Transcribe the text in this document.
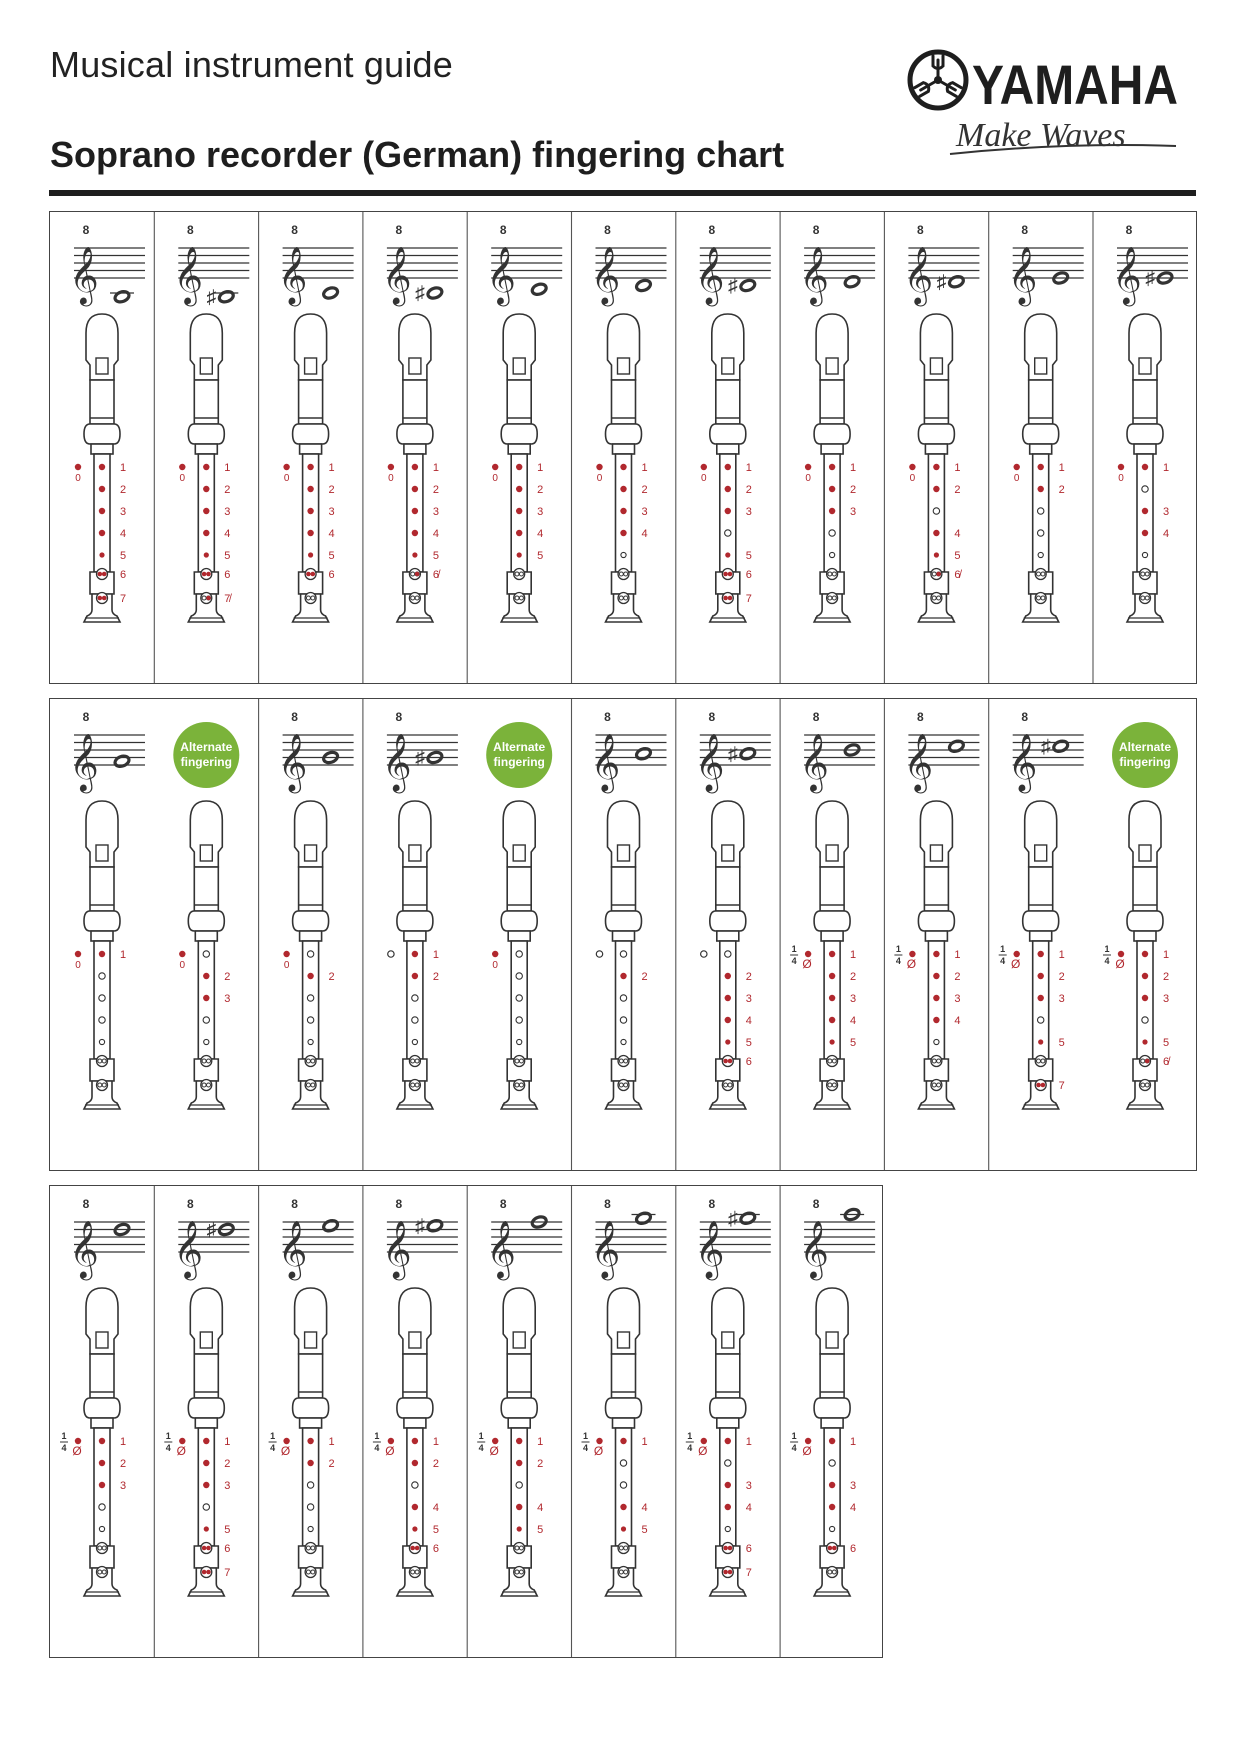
Musical instrument guide
Soprano recorder (German) fingering chart
YAMAHA
Make Waves
8
𝄞
0
1
2
3
4
5
6
7
8
𝄞 ♯
0
1
2
3
4
5
6
7̸
8
𝄞
0
1
2
3
4
5
6
8
𝄞 ♯
0
1
2
3
4
5
6̸
8
𝄞
0
1
2
3
4
5
8
𝄞
0
1
2
3
4
8
𝄞 ♯
0
1
2
3
5
6
7
8
𝄞
0
1
2
3
8
𝄞 ♯
0
1
2
4
5
6̸
8
𝄞
0
1
2
8
𝄞 ♯
0
1
3
4
8
𝄞
0
1
Alternate
fingering
0
2
3
8
𝄞
0
2
8
𝄞 ♯
1
2
Alternate
fingering
0
8
𝄞
2
8
𝄞 ♯
2
3
4
5
6
8
𝄞
Ø
1
4	1
2
3
4
5
8
𝄞
Ø
1
4	1
2
3
4
8
𝄞 ♯
Ø
1
4	1
2
3
5
7
Alternate
fingering
Ø
1
4	1
2
3
5
6̸
8
𝄞
Ø
1
4	1
2
3
8
𝄞 ♯
Ø
1
4	1
2
3
5
6
7
8
𝄞
Ø
1
4	1
2
8
𝄞 ♯
Ø
1
4	1
2
4
5
6
8
𝄞
Ø
1
4	1
2
4
5
8
𝄞
Ø
1
4	1
4
5
8
𝄞
♯
Ø
1
4	1
3
4
6
7
8
𝄞
Ø
1
4	1
3
4
6
